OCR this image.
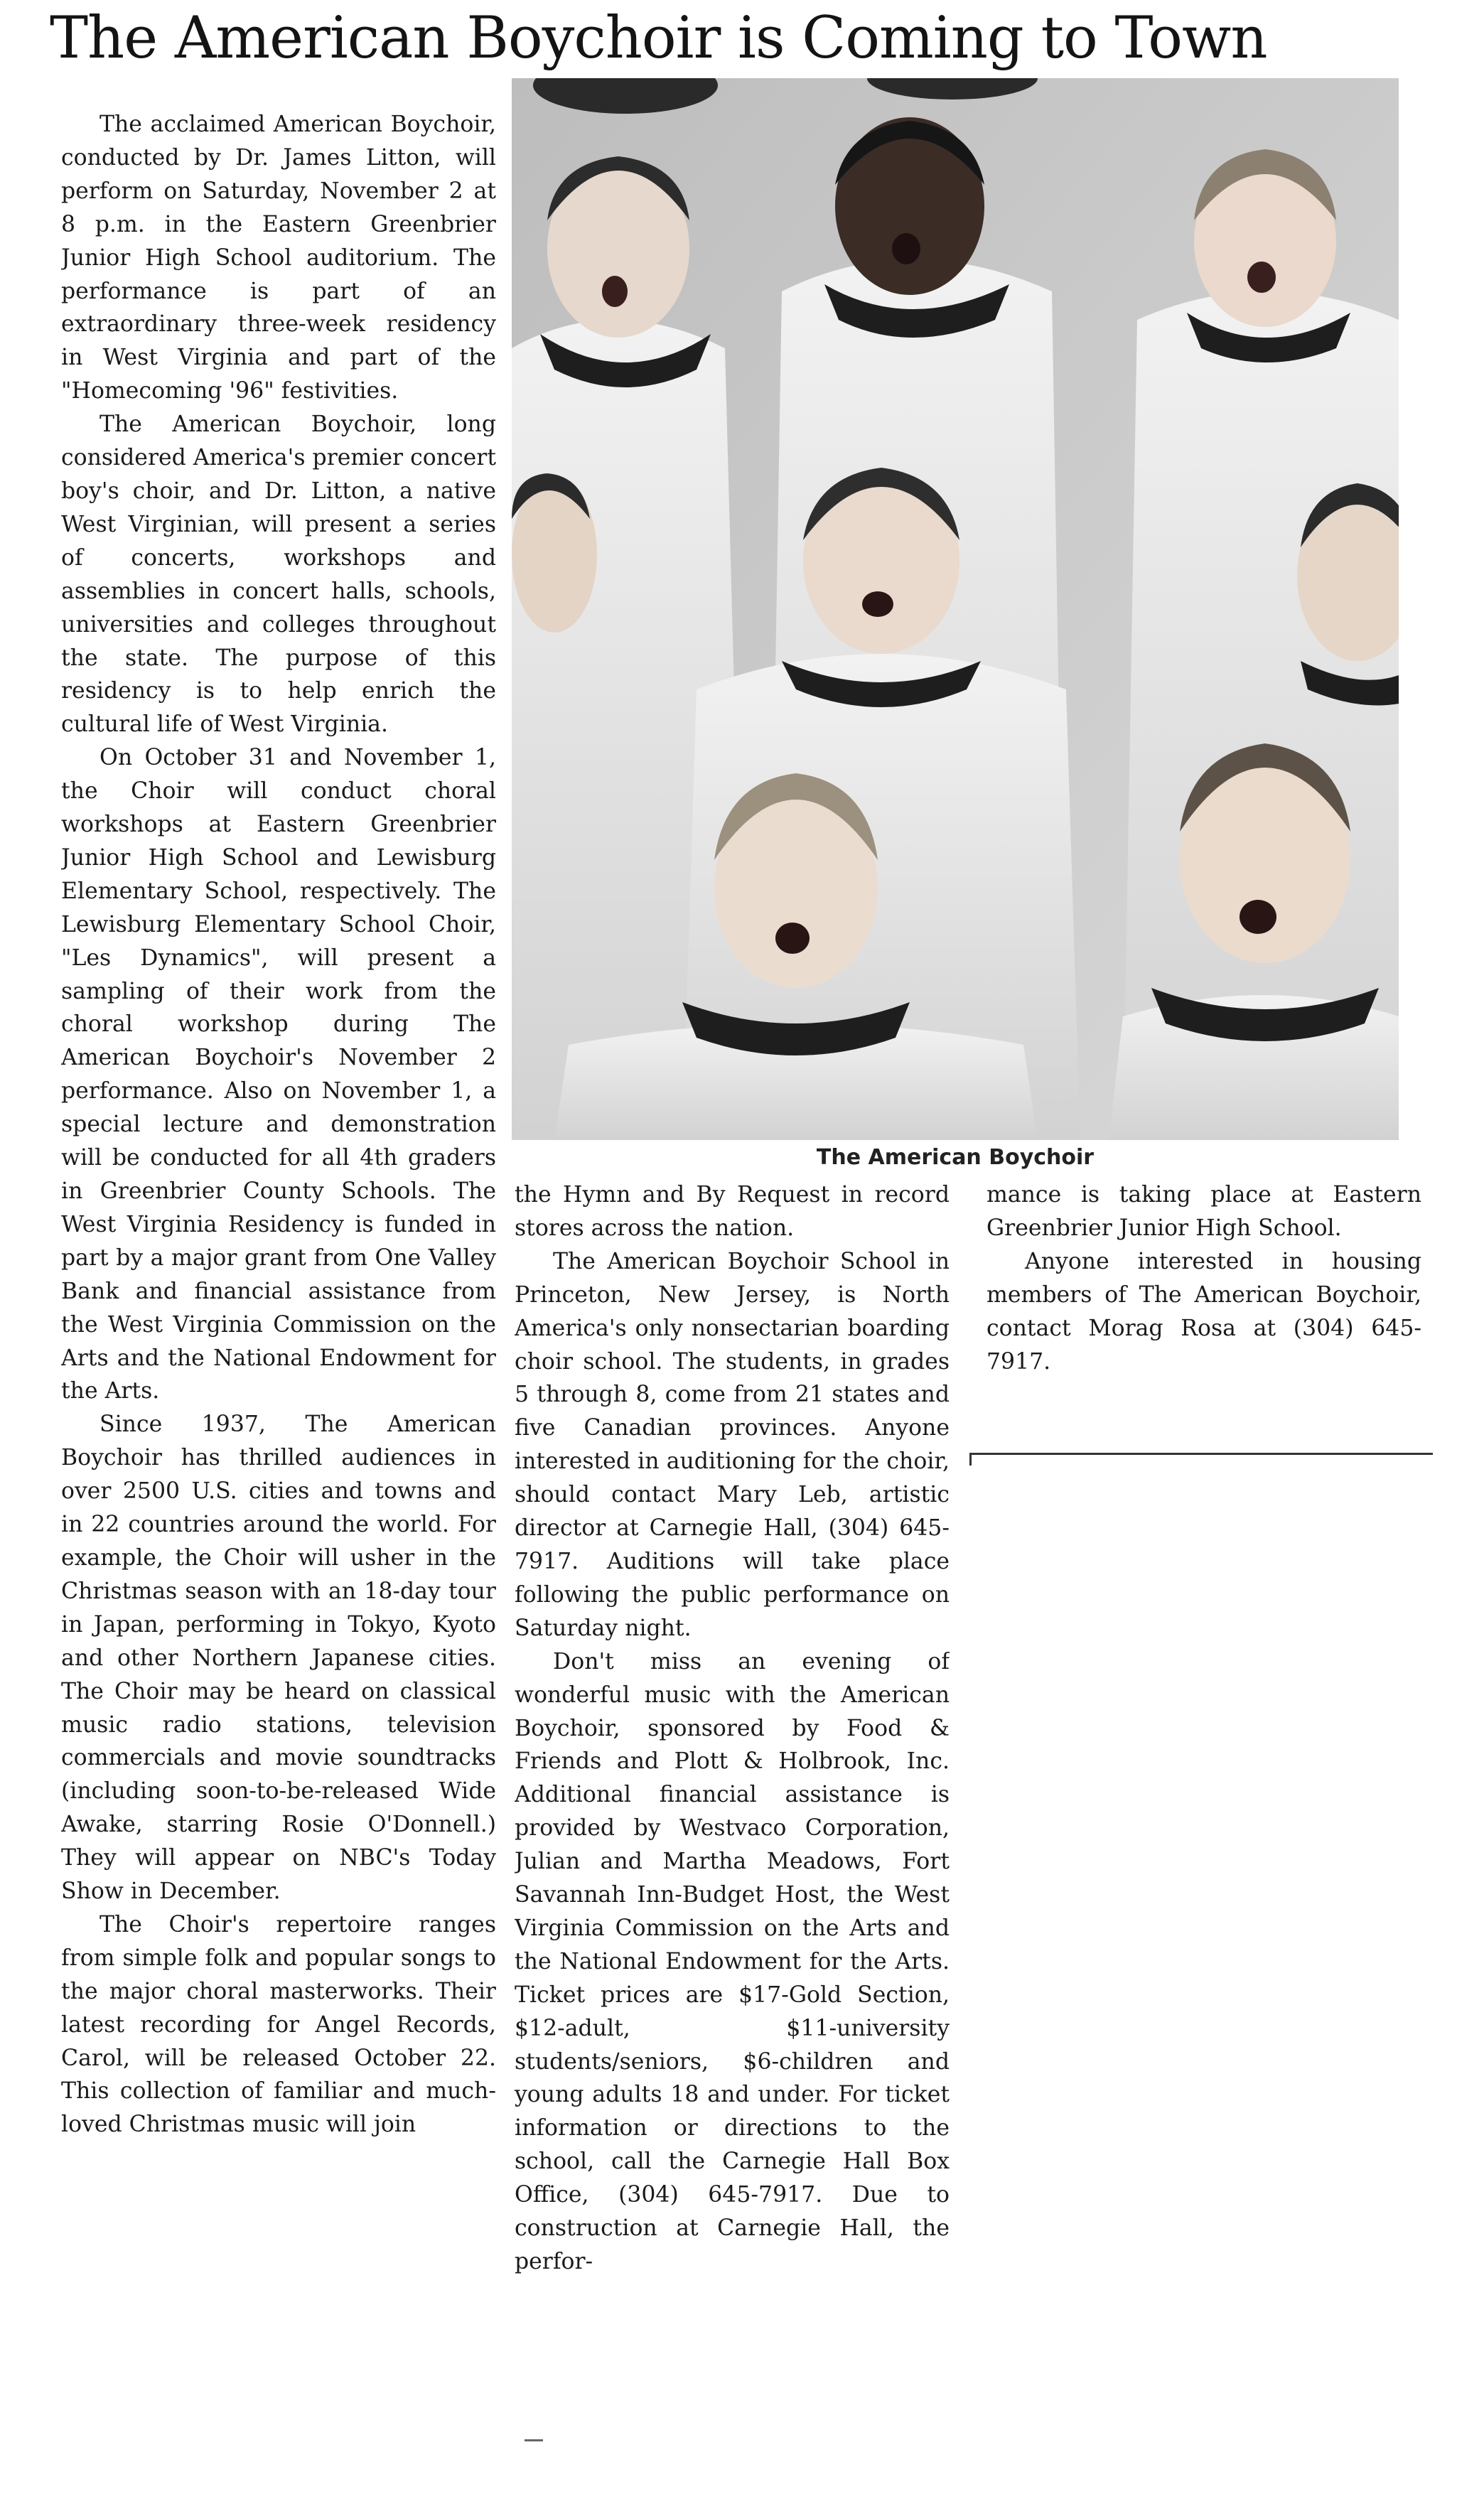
The American Boychoir is Coming to Town

The acclaimed American Boychoir, conducted by Dr. James Litton, will perform on Saturday, November 2 at 8 p.m. in the Eastern Greenbrier Junior High School auditorium. The performance is part of an extraordinary three-week residency in West Virginia and part of the "Homecoming '96" festivities.

The American Boychoir, long considered America's premier concert boy's choir, and Dr. Litton, a native West Virginian, will present a series of concerts, workshops and assemblies in concert halls, schools, universities and colleges throughout the state. The purpose of this residency is to help enrich the cultural life of West Virginia.

On October 31 and November 1, the Choir will conduct choral workshops at Eastern Greenbrier Junior High School and Lewisburg Elementary School, respectively. The Lewisburg Elementary School Choir, "Les Dynamics", will present a sampling of their work from the choral workshop during The American Boychoir's November 2 performance. Also on November 1, a special lecture and demonstration will be conducted for all 4th graders in Greenbrier County Schools. The West Virginia Residency is funded in part by a major grant from One Valley Bank and financial assistance from the West Virginia Commission on the Arts and the National Endowment for the Arts.

Since 1937, The American Boychoir has thrilled audiences in over 2500 U.S. cities and towns and in 22 countries around the world. For example, the Choir will usher in the Christmas season with an 18-day tour in Japan, performing in Tokyo, Kyoto and other Northern Japanese cities. The Choir may be heard on classical music radio stations, television commercials and movie soundtracks (including soon-to-be-released Wide Awake, starring Rosie O'Donnell.) They will appear on NBC's Today Show in December.

The Choir's repertoire ranges from simple folk and popular songs to the major choral masterworks. Their latest recording for Angel Records, Carol, will be released October 22. This collection of familiar and much-loved Christmas music will join

The American Boychoir

the Hymn and By Request in record stores across the nation.

The American Boychoir School in Princeton, New Jersey, is North America's only nonsectarian boarding choir school. The students, in grades 5 through 8, come from 21 states and five Canadian provinces. Anyone interested in auditioning for the choir, should contact Mary Leb, artistic director at Carnegie Hall, (304) 645-7917. Auditions will take place following the public performance on Saturday night.

Don't miss an evening of wonderful music with the American Boychoir, sponsored by Food & Friends and Plott & Holbrook, Inc. Additional financial assistance is provided by Westvaco Corporation, Julian and Martha Meadows, Fort Savannah Inn-Budget Host, the West Virginia Commission on the Arts and the National Endowment for the Arts. Ticket prices are $17-Gold Section, $12-adult, $11-university students/seniors, $6-children and young adults 18 and under. For ticket information or directions to the school, call the Carnegie Hall Box Office, (304) 645-7917. Due to construction at Carnegie Hall, the perfor-

mance is taking place at Eastern Greenbrier Junior High School.

Anyone interested in housing members of The American Boychoir, contact Morag Rosa at (304) 645-7917.
